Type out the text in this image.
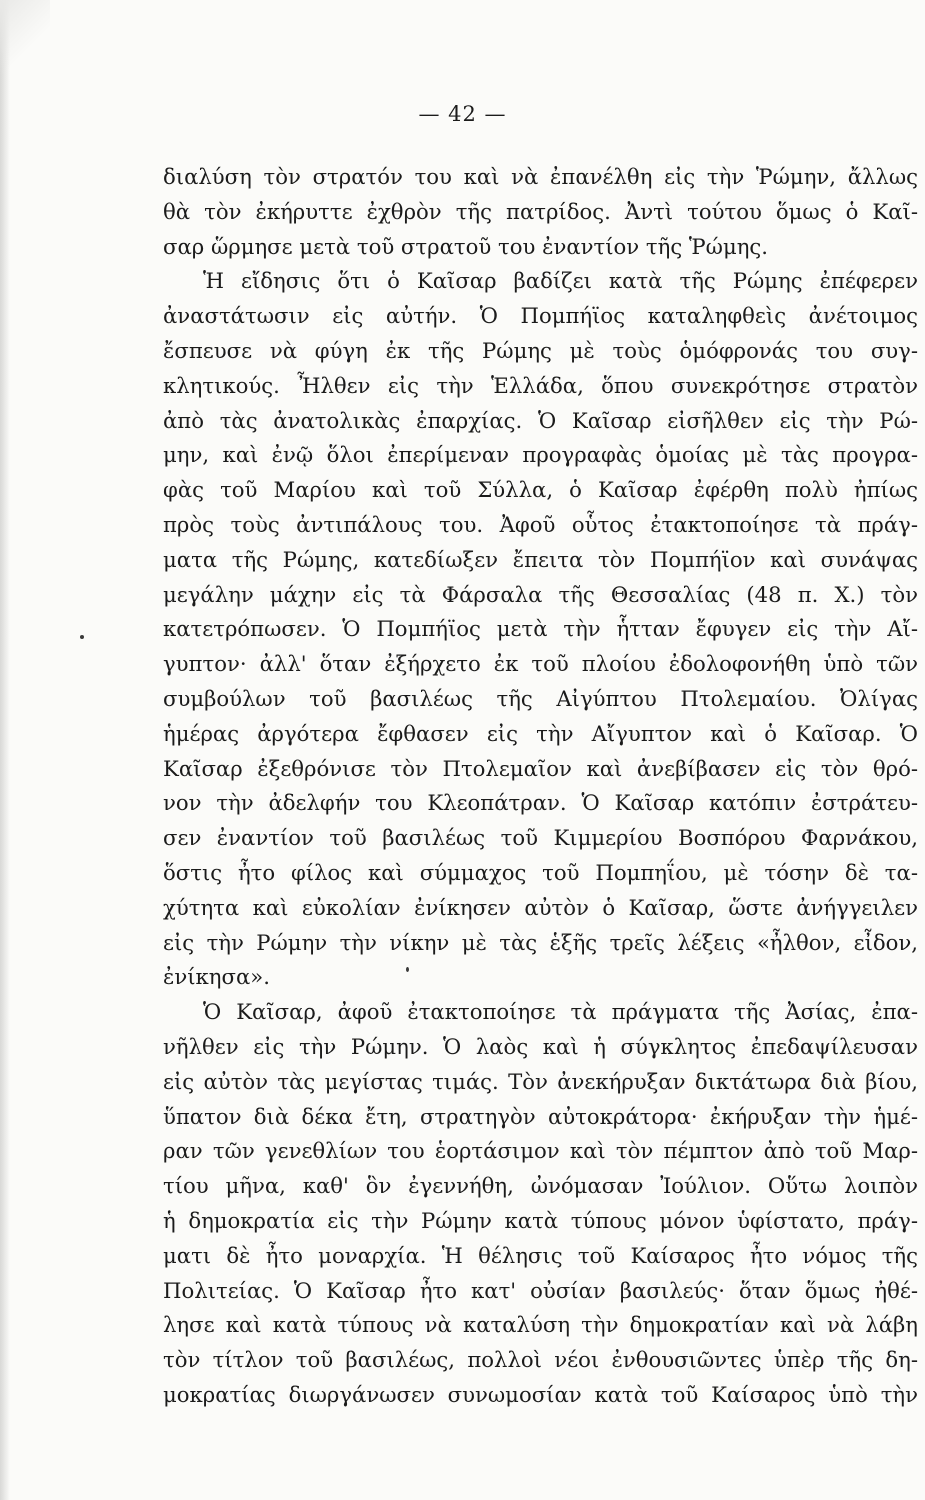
— 42 —
διαλύση τὸν στρατόν του καὶ νὰ ἐπανέλθη εἰς τὴν Ῥώμην, ἄλλως
θὰ τὸν ἐκήρυττε ἐχθρὸν τῆς πατρίδος. Ἀντὶ τούτου ὅμως ὁ Καῖ-
σαρ ὥρμησε μετὰ τοῦ στρατοῦ του ἐναντίον τῆς Ῥώμης.
Ἡ εἴδησις ὅτι ὁ Καῖσαρ βαδίζει κατὰ τῆς Ρώμης ἐπέφερεν
ἀναστάτωσιν εἰς αὐτήν. Ὁ Πομπήϊος καταληφθεὶς ἀνέτοιμος
ἔσπευσε νὰ φύγη ἐκ τῆς Ρώμης μὲ τοὺς ὁμόφρονάς του συγ-
κλητικούς. Ἦλθεν εἰς τὴν Ἑλλάδα, ὅπου συνεκρότησε στρατὸν
ἀπὸ τὰς ἀνατολικὰς ἐπαρχίας. Ὁ Καῖσαρ εἰσῆλθεν εἰς τὴν Ρώ-
μην, καὶ ἐνῷ ὅλοι ἐπερίμεναν προγραφὰς ὁμοίας μὲ τὰς προγρα-
φὰς τοῦ Μαρίου καὶ τοῦ Σύλλα, ὁ Καῖσαρ ἐφέρθη πολὺ ἠπίως
πρὸς τοὺς ἀντιπάλους του. Ἀφοῦ οὗτος ἐτακτοποίησε τὰ πράγ-
ματα τῆς Ρώμης, κατεδίωξεν ἔπειτα τὸν Πομπήϊον καὶ συνάψας
μεγάλην μάχην εἰς τὰ Φάρσαλα τῆς Θεσσαλίας (48 π. Χ.) τὸν
κατετρόπωσεν. Ὁ Πομπήϊος μετὰ τὴν ἧτταν ἔφυγεν εἰς τὴν Αἴ-
γυπτον· ἀλλ' ὅταν ἐξήρχετο ἐκ τοῦ πλοίου ἐδολοφονήθη ὑπὸ τῶν
συμβούλων τοῦ βασιλέως τῆς Αἰγύπτου Πτολεμαίου. Ὀλίγας
ἡμέρας ἀργότερα ἔφθασεν εἰς τὴν Αἴγυπτον καὶ ὁ Καῖσαρ. Ὁ
Καῖσαρ ἐξεθρόνισε τὸν Πτολεμαῖον καὶ ἀνεβίβασεν εἰς τὸν θρό-
νον τὴν ἀδελφήν του Κλεοπάτραν. Ὁ Καῖσαρ κατόπιν ἐστράτευ-
σεν ἐναντίον τοῦ βασιλέως τοῦ Κιμμερίου Βοσπόρου Φαρνάκου,
ὅστις ἦτο φίλος καὶ σύμμαχος τοῦ Πομπηΐου, μὲ τόσην δὲ τα-
χύτητα καὶ εὐκολίαν ἐνίκησεν αὐτὸν ὁ Καῖσαρ, ὥστε ἀνήγγειλεν
εἰς τὴν Ρώμην τὴν νίκην μὲ τὰς ἑξῆς τρεῖς λέξεις «ἦλθον, εἶδον,
ἐνίκησα».
Ὁ Καῖσαρ, ἀφοῦ ἐτακτοποίησε τὰ πράγματα τῆς Ἀσίας, ἐπα-
νῆλθεν εἰς τὴν Ρώμην. Ὁ λαὸς καὶ ἡ σύγκλητος ἐπεδαψίλευσαν
εἰς αὐτὸν τὰς μεγίστας τιμάς. Τὸν ἀνεκήρυξαν δικτάτωρα διὰ βίου,
ὕπατον διὰ δέκα ἔτη, στρατηγὸν αὐτοκράτορα· ἐκήρυξαν τὴν ἡμέ-
ραν τῶν γενεθλίων του ἑορτάσιμον καὶ τὸν πέμπτον ἀπὸ τοῦ Μαρ-
τίου μῆνα, καθ' ὃν ἐγεννήθη, ὠνόμασαν Ἰούλιον. Οὕτω λοιπὸν
ἡ δημοκρατία εἰς τὴν Ρώμην κατὰ τύπους μόνον ὑφίστατο, πράγ-
ματι δὲ ἦτο μοναρχία. Ἡ θέλησις τοῦ Καίσαρος ἦτο νόμος τῆς
Πολιτείας. Ὁ Καῖσαρ ἦτο κατ' οὐσίαν βασιλεύς· ὅταν ὅμως ἠθέ-
λησε καὶ κατὰ τύπους νὰ καταλύση τὴν δημοκρατίαν καὶ νὰ λάβη
τὸν τίτλον τοῦ βασιλέως, πολλοὶ νέοι ἐνθουσιῶντες ὑπὲρ τῆς δη-
μοκρατίας διωργάνωσεν συνωμοσίαν κατὰ τοῦ Καίσαρος ὑπὸ τὴν
